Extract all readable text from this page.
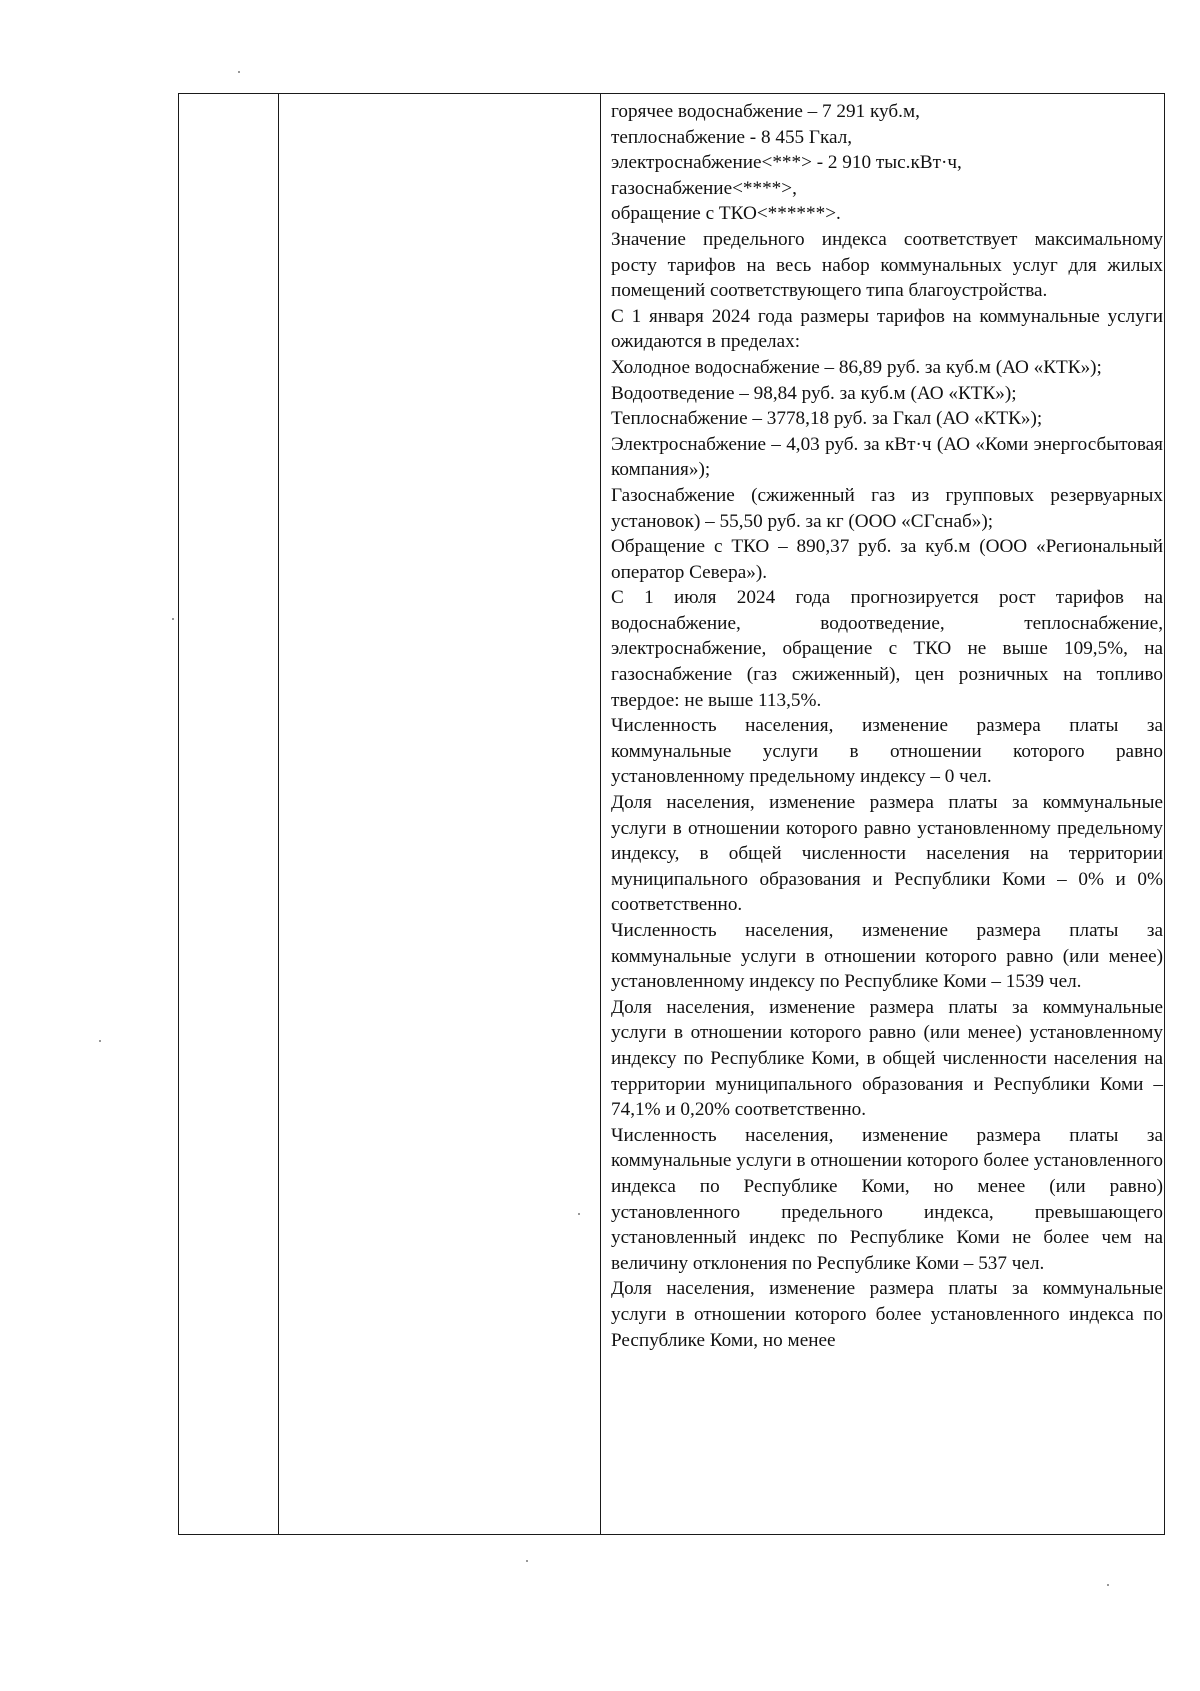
горячее водоснабжение – 7 291 куб.м,

теплоснабжение - 8 455 Гкал,

электроснабжение<***> - 2 910 тыс.кВт·ч,

газоснабжение<****>,

обращение с ТКО<******>.

Значение предельного индекса соответствует максимальному росту тарифов на весь набор коммунальных услуг для жилых помещений соответствующего типа благоустройства.

С 1 января 2024 года размеры тарифов на коммунальные услуги ожидаются в пределах:

Холодное водоснабжение – 86,89 руб. за куб.м (АО «КТК»);

Водоотведение – 98,84 руб. за куб.м (АО «КТК»);

Теплоснабжение – 3778,18 руб. за Гкал (АО «КТК»);

Электроснабжение – 4,03 руб. за кВт·ч (АО «Коми энергосбытовая компания»);

Газоснабжение (сжиженный газ из групповых резервуарных установок) – 55,50 руб. за кг (ООО «СГснаб»);

Обращение с ТКО – 890,37 руб. за куб.м (ООО «Региональный оператор Севера»).

С 1 июля 2024 года прогнозируется рост тарифов на водоснабжение, водоотведение, теплоснабжение, электроснабжение, обращение с ТКО не выше 109,5%, на газоснабжение (газ сжиженный), цен розничных на топливо твердое: не выше 113,5%.

Численность населения, изменение размера платы за коммунальные услуги в отношении которого равно установленному предельному индексу – 0 чел.

Доля населения, изменение размера платы за коммунальные услуги в отношении которого равно установленному предельному индексу, в общей численности населения на территории муниципального образования и Республики Коми – 0% и 0% соответственно.

Численность населения, изменение размера платы за коммунальные услуги в отношении которого равно (или менее) установленному индексу по Республике Коми – 1539 чел.

Доля населения, изменение размера платы за коммунальные услуги в отношении которого равно (или менее) установленному индексу по Республике Коми, в общей численности населения на территории муниципального образования и Республики Коми – 74,1% и 0,20% соответственно.

Численность населения, изменение размера платы за коммунальные услуги в отношении которого более установленного индекса по Республике Коми, но менее (или равно) установленного предельного индекса, превышающего установленный индекс по Республике Коми не более чем на величину отклонения по Республике Коми – 537 чел.

Доля населения, изменение размера платы за коммунальные услуги в отношении которого более установленного индекса по Республике Коми, но менее
